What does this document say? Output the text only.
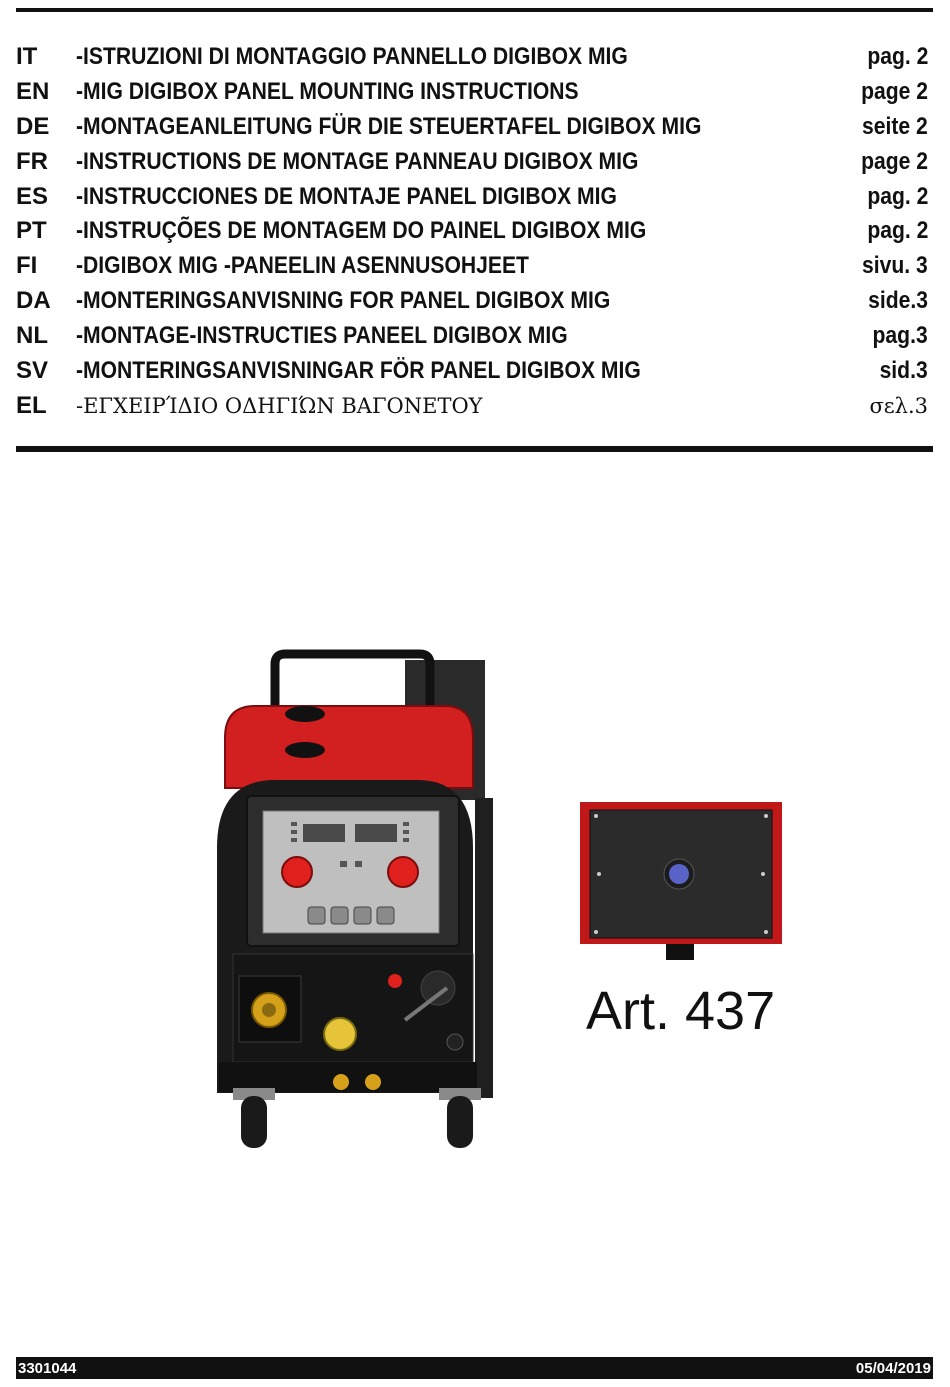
IT	-ISTRUZIONI DI MONTAGGIO PANNELLO DIGIBOX MIG	pag. 2
EN	-MIG DIGIBOX PANEL MOUNTING INSTRUCTIONS	page 2
DE	-MONTAGEANLEITUNG FÜR DIE STEUERTAFEL DIGIBOX MIG	seite 2
FR	-INSTRUCTIONS DE MONTAGE PANNEAU DIGIBOX MIG	page 2
ES	-INSTRUCCIONES DE MONTAJE PANEL DIGIBOX MIG	pag. 2
PT	-INSTRUÇÕES DE MONTAGEM DO PAINEL DIGIBOX MIG	pag. 2
FI	-DIGIBOX MIG -PANEELIN ASENNUSOHJEET	sivu. 3
DA	-MONTERINGSANVISNING FOR PANEL DIGIBOX MIG	side.3
NL	-MONTAGE-INSTRUCTIES PANEEL DIGIBOX MIG	pag.3
SV	-MONTERINGSANVISNINGAR FÖR PANEL DIGIBOX MIG	sid.3
EL	-ΕΓΧΕΙΡΊΔΙΟ ΟΔΗΓΙΏΝ ΒΑΓΟΝΕΤΟΥ	σελ.3
Art. 437
3301044	05/04/2019
